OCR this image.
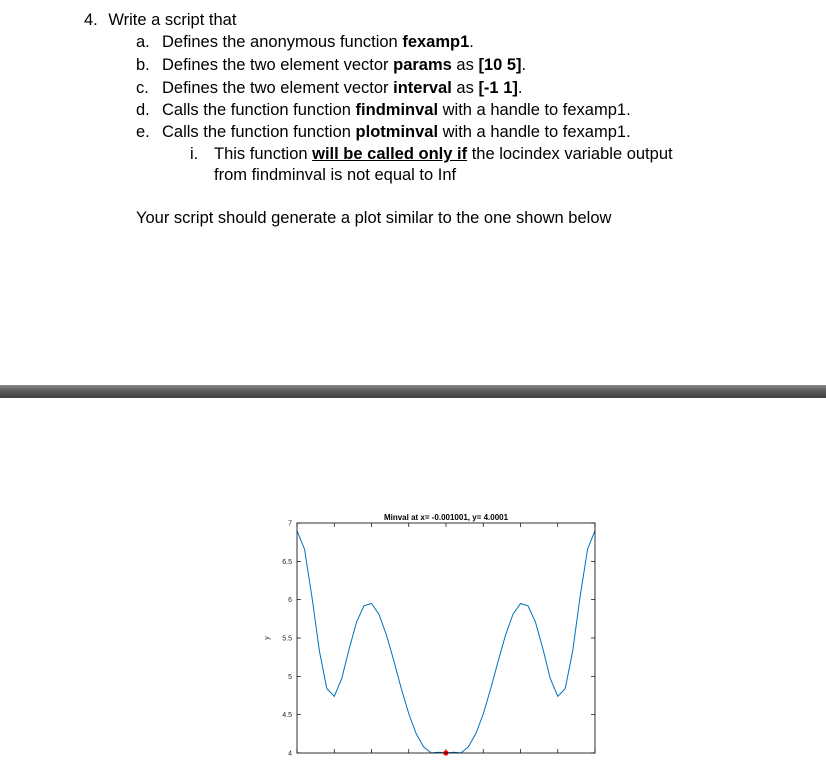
4. Write a script that
a. Defines the anonymous function fexamp1.
b. Defines the two element vector params as [10 5].
c. Defines the two element vector interval as [-1 1].
d. Calls the function function findminval with a handle to fexamp1.
e. Calls the function function plotminval with a handle to fexamp1.
i. This function will be called only if the locindex variable output
from findminval is not equal to Inf
Your script should generate a plot similar to the one shown below
Minval at x= -0.001001, y= 4.0001
y
4
4.5
5
5.5
6
6.5
7
